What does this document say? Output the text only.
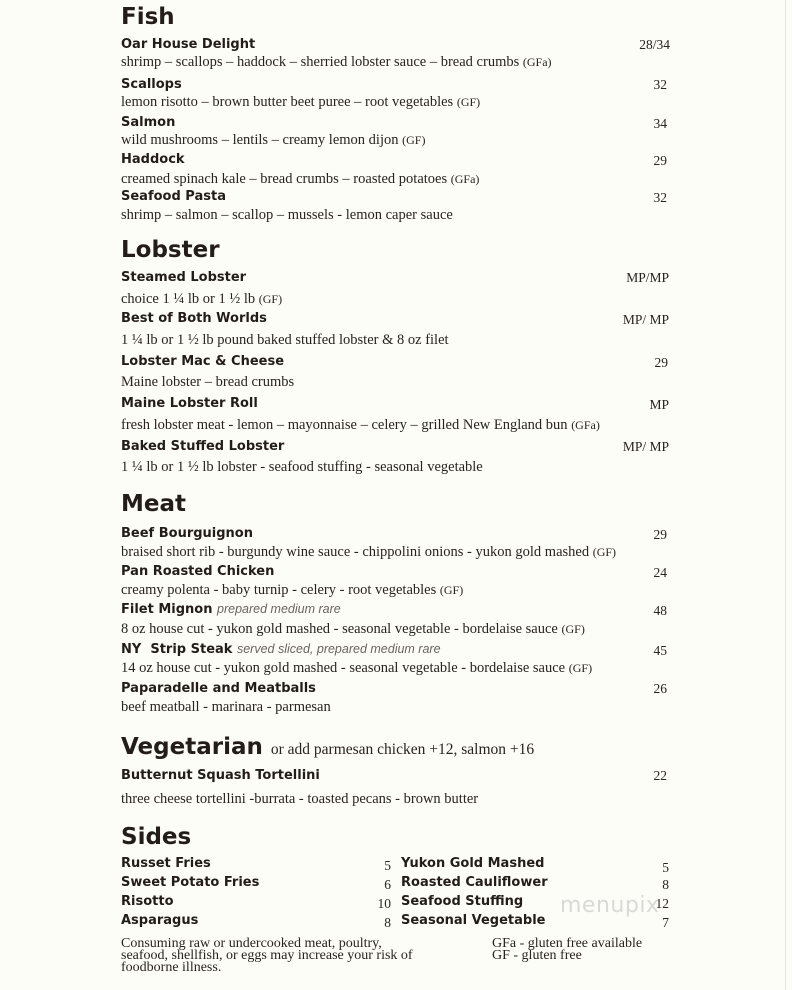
Fish
Oar House Delight	28/34
shrimp – scallops – haddock – sherried lobster sauce – bread crumbs (GFa)
Scallops	32
lemon risotto – brown butter beet puree – root vegetables (GF)
Salmon	34
wild mushrooms – lentils – creamy lemon dijon (GF)
Haddock	29
creamed spinach kale – bread crumbs – roasted potatoes (GFa)
Seafood Pasta	32
shrimp – salmon – scallop – mussels - lemon caper sauce
Lobster
Steamed Lobster	MP/MP
choice 1 ¼ lb or 1 ½ lb (GF)
Best of Both Worlds	MP/ MP
1 ¼ lb or 1 ½ lb pound baked stuffed lobster & 8 oz filet
Lobster Mac & Cheese	29
Maine lobster – bread crumbs
Maine Lobster Roll	MP
fresh lobster meat - lemon – mayonnaise – celery – grilled New England bun (GFa)
Baked Stuffed Lobster	MP/ MP
1 ¼ lb or 1 ½ lb lobster - seafood stuffing - seasonal vegetable
Meat
Beef Bourguignon	29
braised short rib - burgundy wine sauce - chippolini onions - yukon gold mashed (GF)
Pan Roasted Chicken	24
creamy polenta - baby turnip - celery - root vegetables (GF)
Filet Mignon prepared medium rare	48
8 oz house cut - yukon gold mashed - seasonal vegetable - bordelaise sauce (GF)
NY  Strip Steak served sliced, prepared medium rare	45
14 oz house cut - yukon gold mashed - seasonal vegetable - bordelaise sauce (GF)
Paparadelle and Meatballs	26
beef meatball - marinara - parmesan
Vegetarian or add parmesan chicken +12, salmon +16
Butternut Squash Tortellini	22
three cheese tortellini -burrata - toasted pecans - brown butter
Sides
Russet Fries	5
Sweet Potato Fries	6
Risotto	10
Asparagus	8
Yukon Gold Mashed	5
Roasted Cauliflower	8
Seafood Stuffing	12
Seasonal Vegetable	7
menupix
Consuming raw or undercooked meat, poultry,
seafood, shellfish, or eggs may increase your risk of
foodborne illness.
GFa - gluten free available
GF - gluten free
